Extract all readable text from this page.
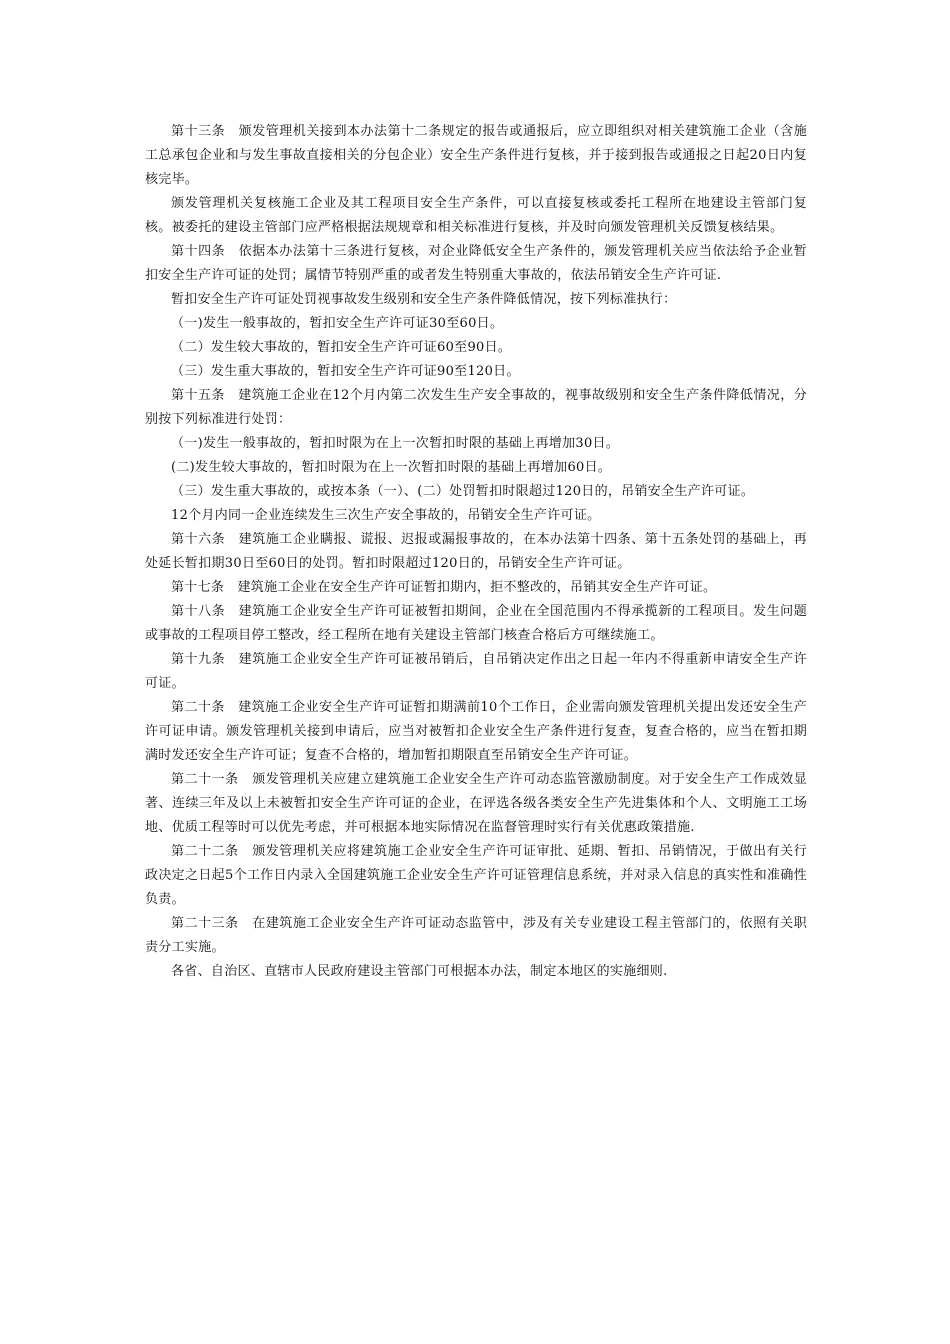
第十三条　颁发管理机关接到本办法第十二条规定的报告或通报后，应立即组织对相关建筑施工企业（含施工总承包企业和与发生事故直接相关的分包企业）安全生产条件进行复核，并于接到报告或通报之日起20日内复核完毕。

颁发管理机关复核施工企业及其工程项目安全生产条件，可以直接复核或委托工程所在地建设主管部门复核。被委托的建设主管部门应严格根据法规规章和相关标准进行复核，并及时向颁发管理机关反馈复核结果。

第十四条　依据本办法第十三条进行复核，对企业降低安全生产条件的，颁发管理机关应当依法给予企业暂扣安全生产许可证的处罚；属情节特别严重的或者发生特别重大事故的，依法吊销安全生产许可证.

暂扣安全生产许可证处罚视事故发生级别和安全生产条件降低情况，按下列标准执行：

（一)发生一般事故的，暂扣安全生产许可证30至60日。

（二）发生较大事故的，暂扣安全生产许可证60至90日。

（三）发生重大事故的，暂扣安全生产许可证90至120日。

第十五条　建筑施工企业在12个月内第二次发生生产安全事故的，视事故级别和安全生产条件降低情况，分别按下列标准进行处罚：

（一)发生一般事故的，暂扣时限为在上一次暂扣时限的基础上再增加30日。

(二)发生较大事故的，暂扣时限为在上一次暂扣时限的基础上再增加60日。

（三）发生重大事故的，或按本条（一）、(二）处罚暂扣时限超过120日的，吊销安全生产许可证。

12个月内同一企业连续发生三次生产安全事故的，吊销安全生产许可证。

第十六条　建筑施工企业瞒报、谎报、迟报或漏报事故的，在本办法第十四条、第十五条处罚的基础上，再处延长暂扣期30日至60日的处罚。暂扣时限超过120日的，吊销安全生产许可证。

第十七条　建筑施工企业在安全生产许可证暂扣期内，拒不整改的，吊销其安全生产许可证。

第十八条　建筑施工企业安全生产许可证被暂扣期间，企业在全国范围内不得承揽新的工程项目。发生问题或事故的工程项目停工整改，经工程所在地有关建设主管部门核查合格后方可继续施工。

第十九条　建筑施工企业安全生产许可证被吊销后，自吊销决定作出之日起一年内不得重新申请安全生产许可证。

第二十条　建筑施工企业安全生产许可证暂扣期满前10个工作日，企业需向颁发管理机关提出发还安全生产许可证申请。颁发管理机关接到申请后，应当对被暂扣企业安全生产条件进行复查，复查合格的，应当在暂扣期满时发还安全生产许可证；复查不合格的，增加暂扣期限直至吊销安全生产许可证。

第二十一条　颁发管理机关应建立建筑施工企业安全生产许可动态监管激励制度。对于安全生产工作成效显著、连续三年及以上未被暂扣安全生产许可证的企业，在评选各级各类安全生产先进集体和个人、文明施工工场地、优质工程等时可以优先考虑，并可根据本地实际情况在监督管理时实行有关优惠政策措施.

第二十二条　颁发管理机关应将建筑施工企业安全生产许可证审批、延期、暂扣、吊销情况，于做出有关行政决定之日起5个工作日内录入全国建筑施工企业安全生产许可证管理信息系统，并对录入信息的真实性和准确性负责。

第二十三条　在建筑施工企业安全生产许可证动态监管中，涉及有关专业建设工程主管部门的，依照有关职责分工实施。

各省、自治区、直辖市人民政府建设主管部门可根据本办法，制定本地区的实施细则.
